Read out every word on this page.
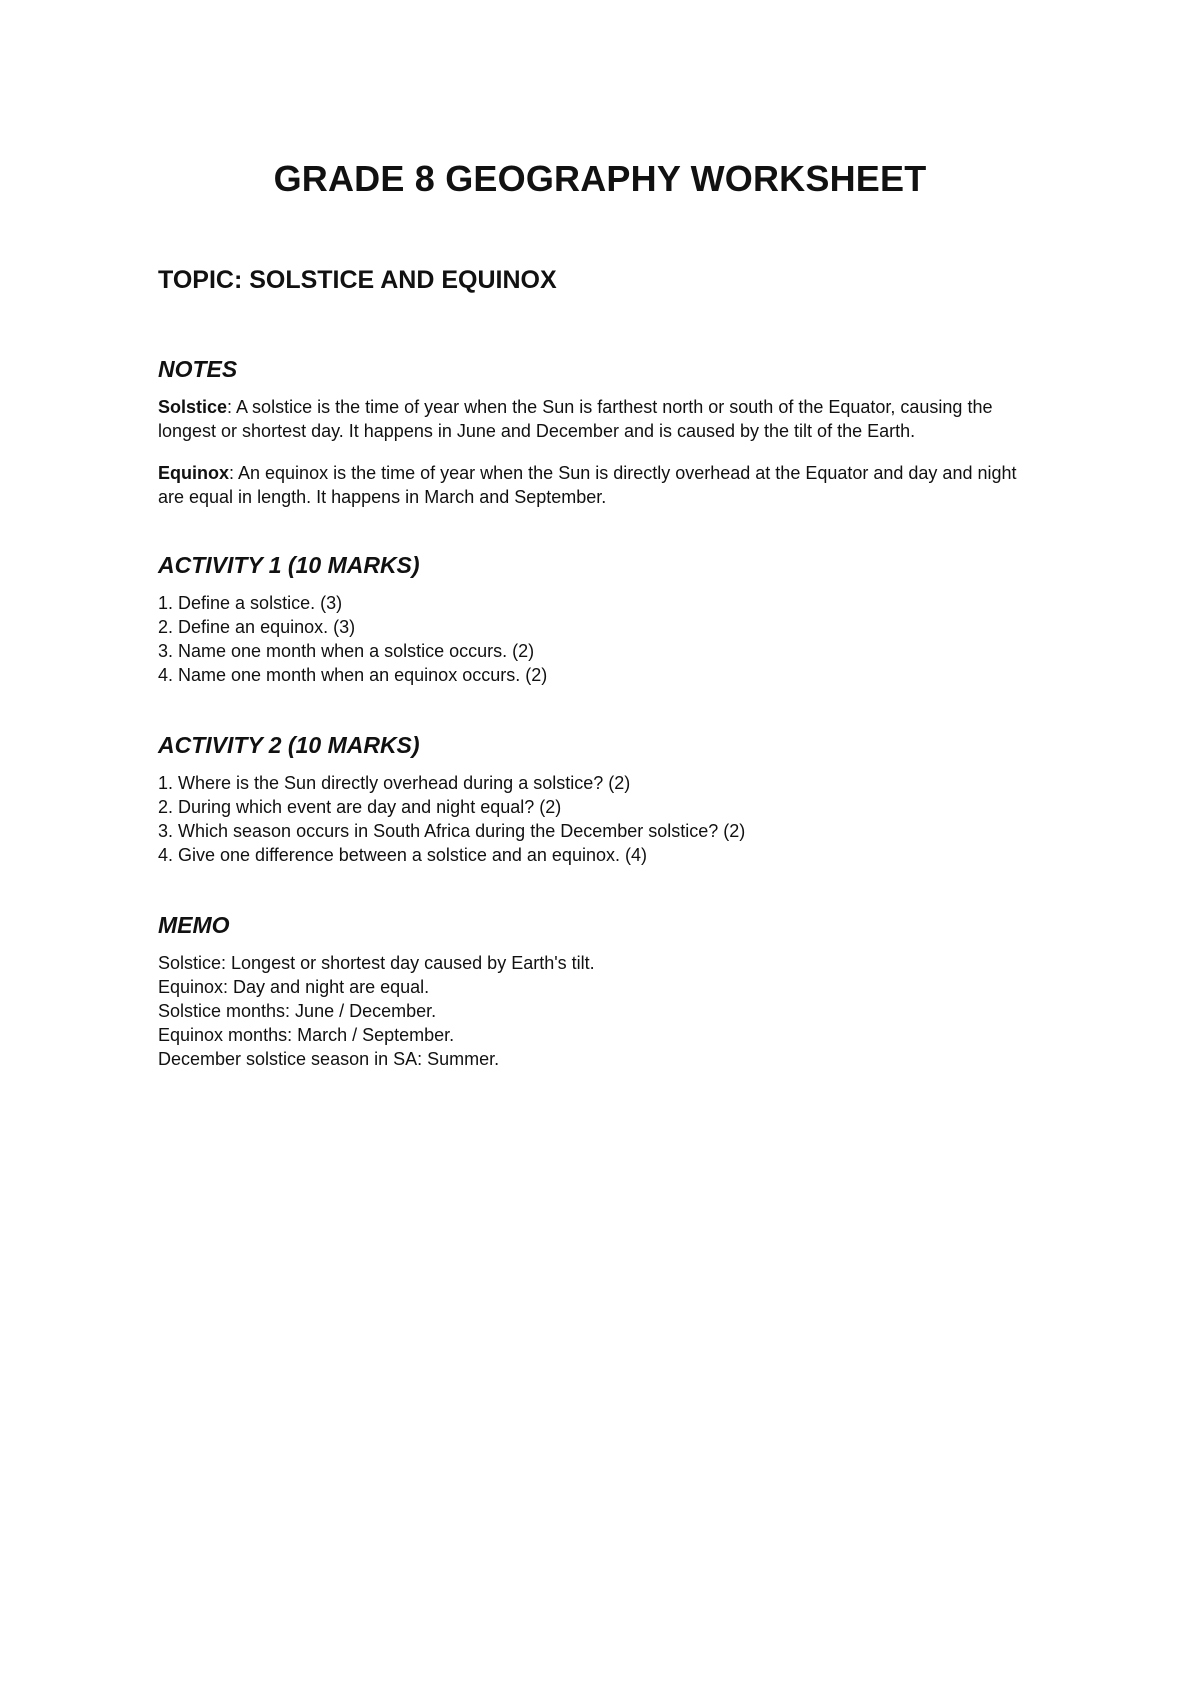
GRADE 8 GEOGRAPHY WORKSHEET
TOPIC: SOLSTICE AND EQUINOX
NOTES

Solstice: A solstice is the time of year when the Sun is farthest north or south of the Equator, causing the longest or shortest day. It happens in June and December and is caused by the tilt of the Earth.

Equinox: An equinox is the time of year when the Sun is directly overhead at the Equator and day and night are equal in length. It happens in March and September.

ACTIVITY 1 (10 MARKS)
1. Define a solstice. (3)
2. Define an equinox. (3)
3. Name one month when a solstice occurs. (2)
4. Name one month when an equinox occurs. (2)
ACTIVITY 2 (10 MARKS)
1. Where is the Sun directly overhead during a solstice? (2)
2. During which event are day and night equal? (2)
3. Which season occurs in South Africa during the December solstice? (2)
4. Give one difference between a solstice and an equinox. (4)
MEMO
Solstice: Longest or shortest day caused by Earth's tilt.
Equinox: Day and night are equal.
Solstice months: June / December.
Equinox months: March / September.
December solstice season in SA: Summer.
